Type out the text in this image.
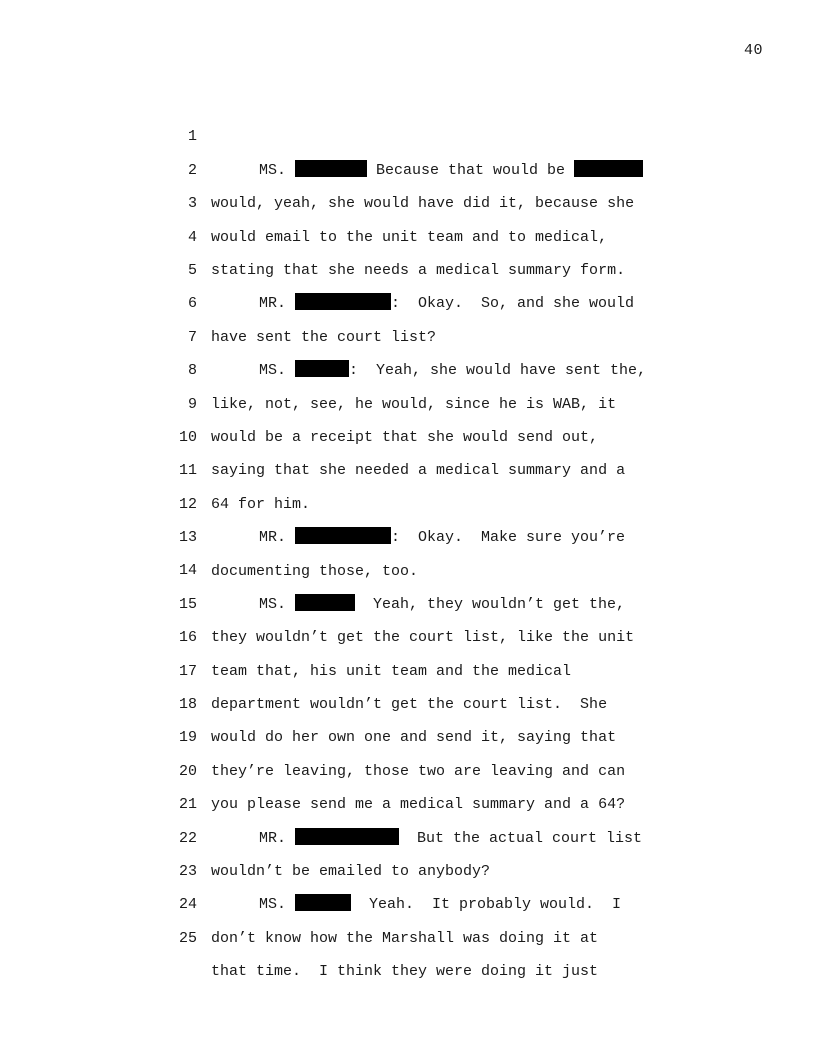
40

1

MS.	Because that would be

2

would, yeah, she would have did it, because she

3

would email to the unit team and to medical,

4

stating that she needs a medical summary form.

5

MR.	:  Okay.  So, and she would

6

have sent the court list?

7

MS.	:  Yeah, she would have sent the,

8

like, not, see, he would, since he is WAB, it

9

would be a receipt that she would send out,

10

saying that she needed a medical summary and a

11

64 for him.

12

MR.	:  Okay.  Make sure you’re

13

documenting those, too.

14

MS.	Yeah, they wouldn’t get the,

15

they wouldn’t get the court list, like the unit

16

team that, his unit team and the medical

17

department wouldn’t get the court list.  She

18

would do her own one and send it, saying that

19

they’re leaving, those two are leaving and can

20

you please send me a medical summary and a 64?

21

MR.	But the actual court list

22

wouldn’t be emailed to anybody?

23

MS.	Yeah.  It probably would.  I

24

don’t know how the Marshall was doing it at

25

that time.  I think they were doing it just
